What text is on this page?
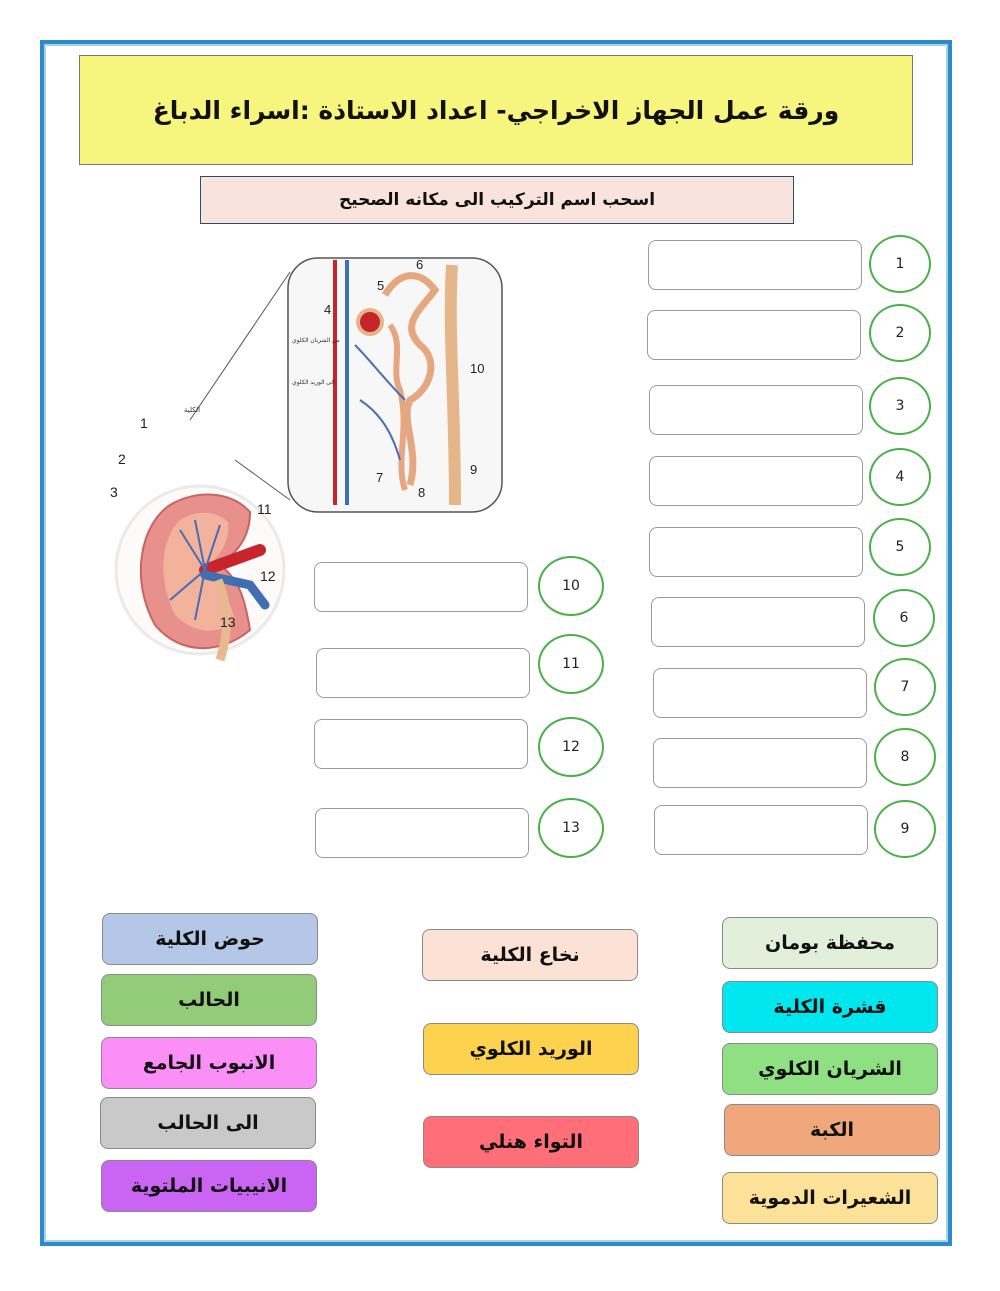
ورقة عمل الجهاز الاخراجي- اعداد الاستاذة :اسراء الدباغ
اسحب اسم التركيب الى مكانه الصحيح
5
6
4
10
9
7
8
1
2
3
11
12
13
الكلية
من الشريان الكلوي
إلى الوريد الكلوي
1
2
3
4
5
6
7
8
9
10
11
12
13
محفظة بومان
قشرة الكلية
الشريان الكلوي
الكبة
الشعيرات الدموية
نخاع الكلية
الوريد الكلوي
التواء هنلي
حوض الكلية
الحالب
الانبوب الجامع
الى الحالب
الانيبيات الملتوية
